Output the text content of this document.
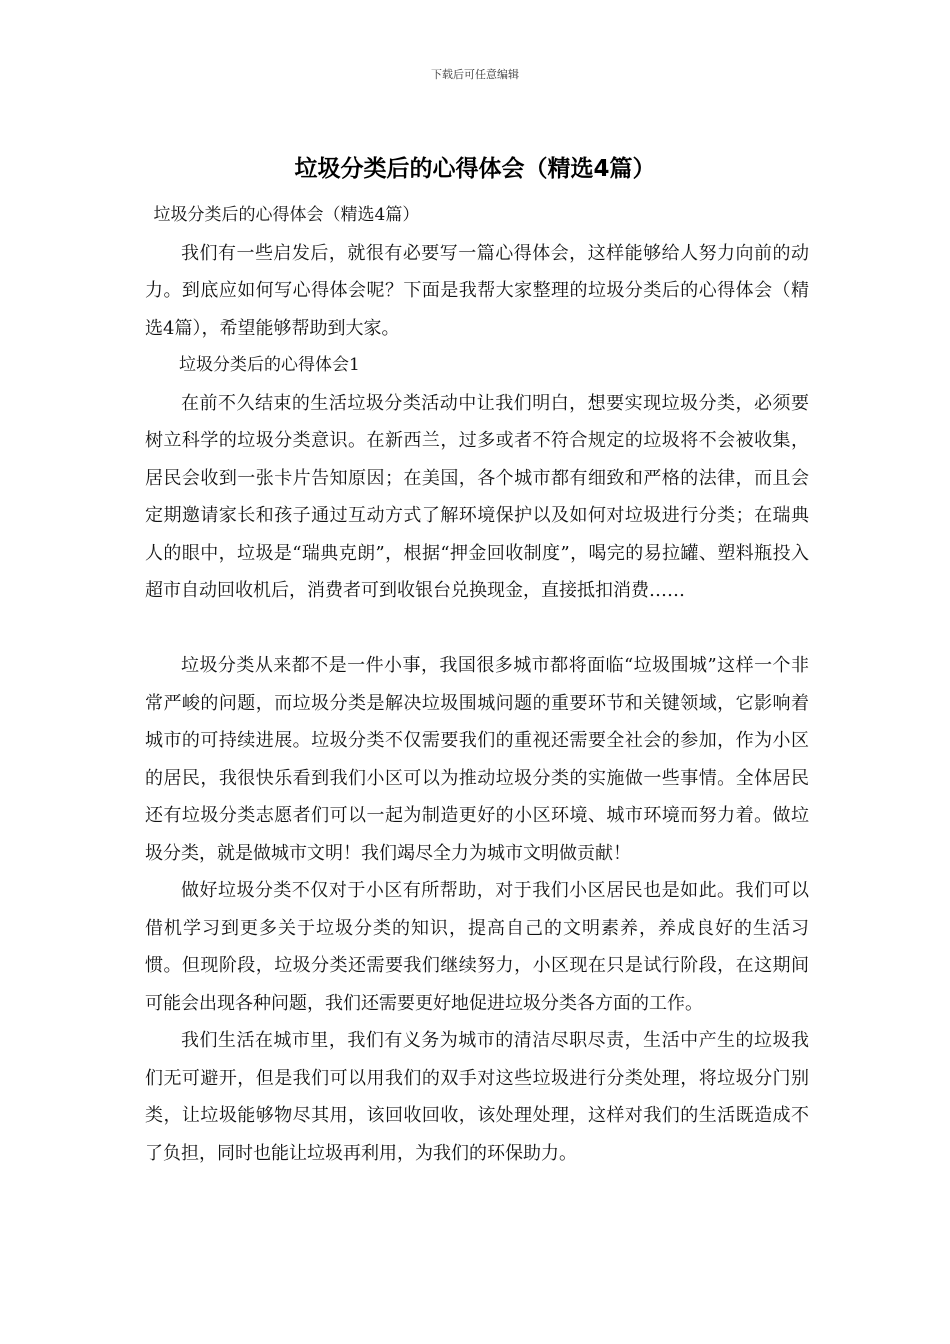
下载后可任意编辑
垃圾分类后的心得体会（精选4篇）

垃圾分类后的心得体会（精选4篇）

我们有一些启发后，就很有必要写一篇心得体会，这样能够给人努力向前的动力。到底应如何写心得体会呢？下面是我帮大家整理的垃圾分类后的心得体会（精选4篇），希望能够帮助到大家。

垃圾分类后的心得体会1

在前不久结束的生活垃圾分类活动中让我们明白，想要实现垃圾分类，必须要树立科学的垃圾分类意识。在新西兰，过多或者不符合规定的垃圾将不会被收集，居民会收到一张卡片告知原因；在美国，各个城市都有细致和严格的法律，而且会定期邀请家长和孩子通过互动方式了解环境保护以及如何对垃圾进行分类；在瑞典人的眼中，垃圾是“瑞典克朗”，根据“押金回收制度”，喝完的易拉罐、塑料瓶投入超市自动回收机后，消费者可到收银台兑换现金，直接抵扣消费……

垃圾分类从来都不是一件小事，我国很多城市都将面临“垃圾围城”这样一个非常严峻的问题，而垃圾分类是解决垃圾围城问题的重要环节和关键领域，它影响着城市的可持续进展。垃圾分类不仅需要我们的重视还需要全社会的参加，作为小区的居民，我很快乐看到我们小区可以为推动垃圾分类的实施做一些事情。全体居民还有垃圾分类志愿者们可以一起为制造更好的小区环境、城市环境而努力着。做垃圾分类，就是做城市文明！我们竭尽全力为城市文明做贡献！

做好垃圾分类不仅对于小区有所帮助，对于我们小区居民也是如此。我们可以借机学习到更多关于垃圾分类的知识，提高自己的文明素养，养成良好的生活习惯。但现阶段，垃圾分类还需要我们继续努力，小区现在只是试行阶段，在这期间可能会出现各种问题，我们还需要更好地促进垃圾分类各方面的工作。

我们生活在城市里，我们有义务为城市的清洁尽职尽责，生活中产生的垃圾我们无可避开，但是我们可以用我们的双手对这些垃圾进行分类处理，将垃圾分门别类，让垃圾能够物尽其用，该回收回收，该处理处理，这样对我们的生活既造成不了负担，同时也能让垃圾再利用，为我们的环保助力。
